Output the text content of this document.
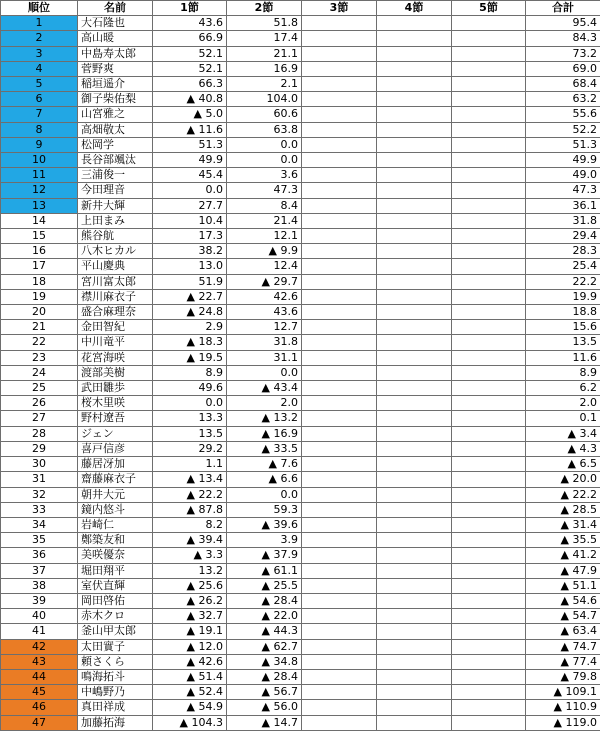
順位	名前	1節	2節	3節	4節	5節	合計
1	大石隆也	43.6	51.8				95.4
2	高山暖	66.9	17.4				84.3
3	中島寿太郎	52.1	21.1				73.2
4	菅野爽	52.1	16.9				69.0
5	稲垣遥介	66.3	2.1				68.4
6	御子柴佑梨	▲ 40.8	104.0				63.2
7	山宮雅之	▲ 5.0	60.6				55.6
8	高畑敬太	▲ 11.6	63.8				52.2
9	松岡学	51.3	0.0				51.3
10	長谷部颯汰	49.9	0.0				49.9
11	三浦俊一	45.4	3.6				49.0
12	今田理音	0.0	47.3				47.3
13	新井大輝	27.7	8.4				36.1
14	上田まみ	10.4	21.4				31.8
15	熊谷航	17.3	12.1				29.4
16	八木ヒカル	38.2	▲ 9.9				28.3
17	平山慶典	13.0	12.4				25.4
18	宮川富太郎	51.9	▲ 29.7				22.2
19	襟川麻衣子	▲ 22.7	42.6				19.9
20	盛合麻理奈	▲ 24.8	43.6				18.8
21	金田智紀	2.9	12.7				15.6
22	中川竜平	▲ 18.3	31.8				13.5
23	花宮海咲	▲ 19.5	31.1				11.6
24	渡部美樹	8.9	0.0				8.9
25	武田雛歩	49.6	▲ 43.4				6.2
26	桜木里咲	0.0	2.0				2.0
27	野村遼吾	13.3	▲ 13.2				0.1
28	ジェン	13.5	▲ 16.9				▲ 3.4
29	喜戸信彦	29.2	▲ 33.5				▲ 4.3
30	藤居冴加	1.1	▲ 7.6				▲ 6.5
31	齋藤麻衣子	▲ 13.4	▲ 6.6				▲ 20.0
32	朝井大元	▲ 22.2	0.0				▲ 22.2
33	鏡内悠斗	▲ 87.8	59.3				▲ 28.5
34	岩崎仁	8.2	▲ 39.6				▲ 31.4
35	鄭築友和	▲ 39.4	3.9				▲ 35.5
36	美咲優奈	▲ 3.3	▲ 37.9				▲ 41.2
37	堀田翔平	13.2	▲ 61.1				▲ 47.9
38	室伏直輝	▲ 25.6	▲ 25.5				▲ 51.1
39	岡田啓佑	▲ 26.2	▲ 28.4				▲ 54.6
40	赤木クロ	▲ 32.7	▲ 22.0				▲ 54.7
41	釜山甲太郎	▲ 19.1	▲ 44.3				▲ 63.4
42	太田實子	▲ 12.0	▲ 62.7				▲ 74.7
43	頼さくら	▲ 42.6	▲ 34.8				▲ 77.4
44	鳴海拓斗	▲ 51.4	▲ 28.4				▲ 79.8
45	中嶋野乃	▲ 52.4	▲ 56.7				▲ 109.1
46	真田祥成	▲ 54.9	▲ 56.0				▲ 110.9
47	加藤拓海	▲ 104.3	▲ 14.7				▲ 119.0
